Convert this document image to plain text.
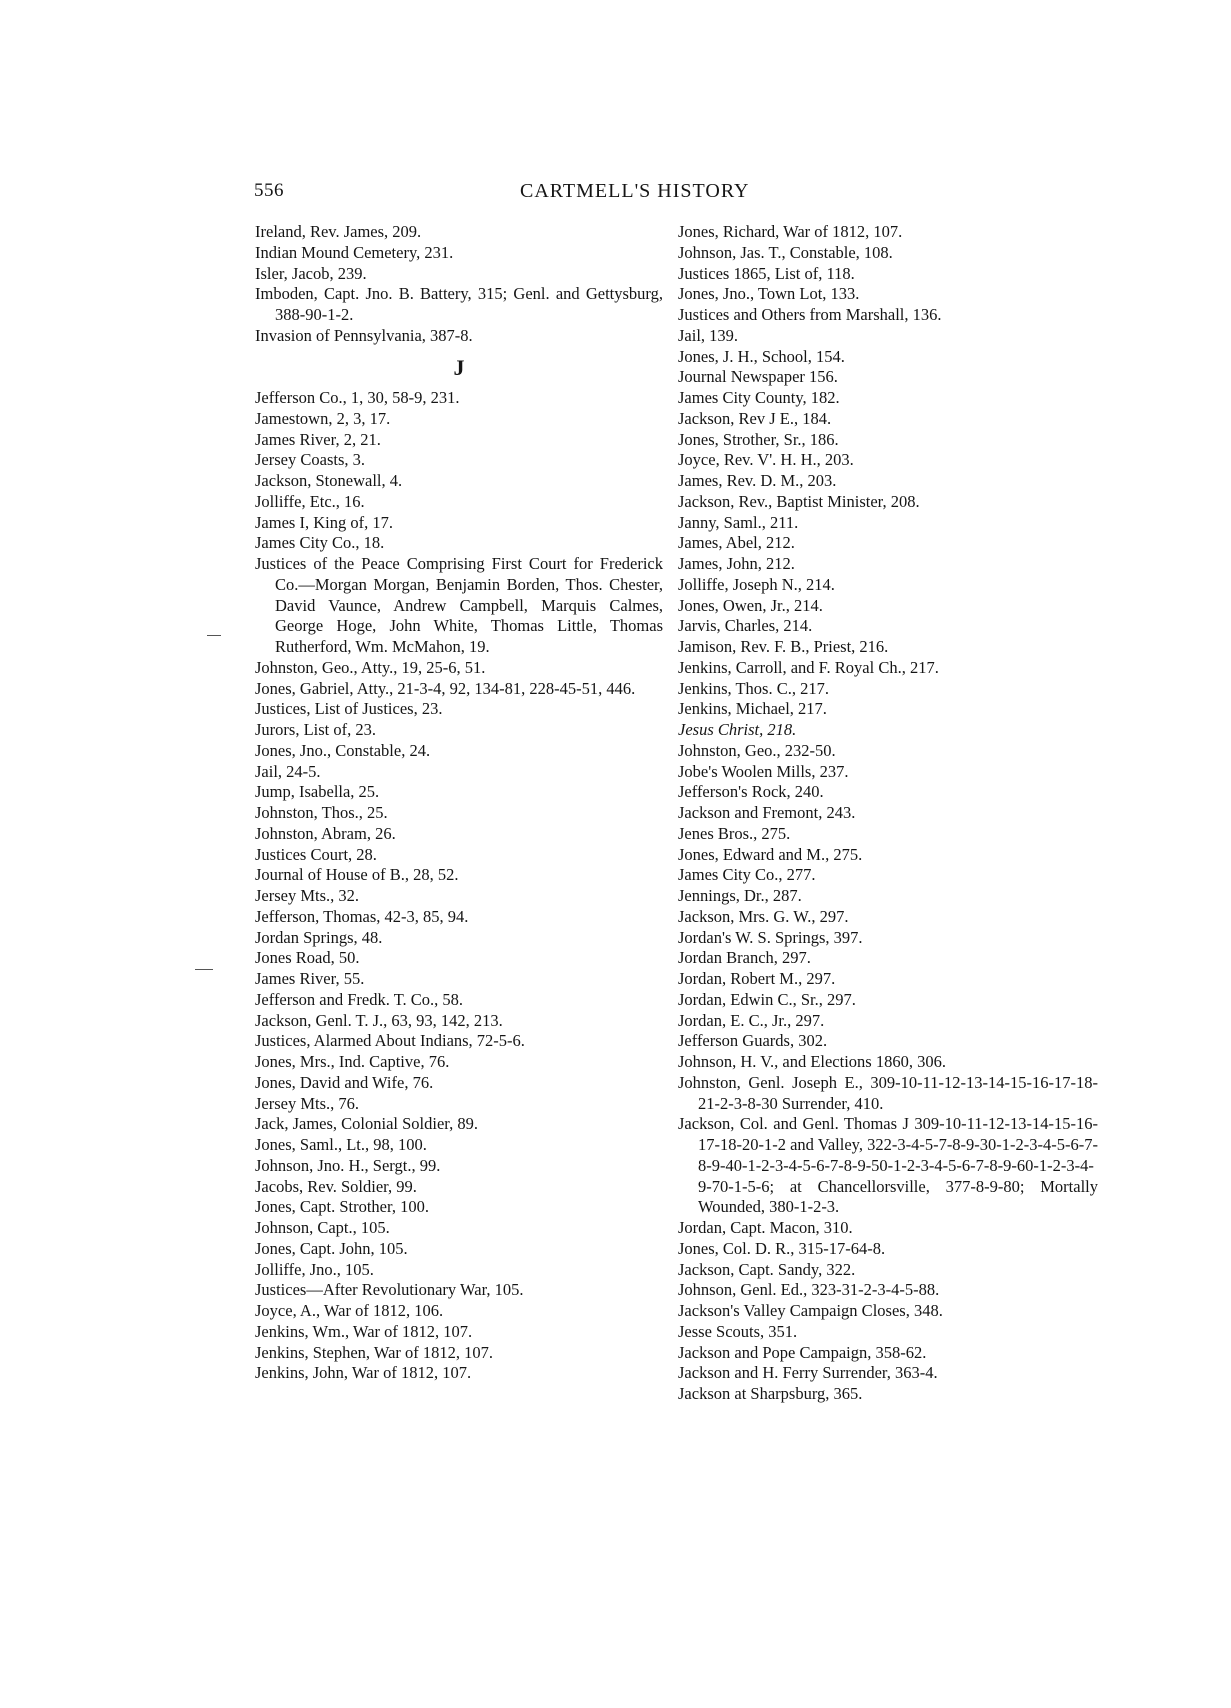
556	CARTMELL'S HISTORY

Ireland, Rev. James, 209.

Indian Mound Cemetery, 231.

Isler, Jacob, 239.

Imboden, Capt. Jno. B. Battery, 315; Genl. and Gettysburg, 388-90-1-2.

Invasion of Pennsylvania, 387-8.

J

Jefferson Co., 1, 30, 58-9, 231.

Jamestown, 2, 3, 17.

James River, 2, 21.

Jersey Coasts, 3.

Jackson, Stonewall, 4.

Jolliffe, Etc., 16.

James I, King of, 17.

James City Co., 18.

Justices of the Peace Comprising First Court for Frederick Co.—Morgan Morgan, Benjamin Borden, Thos. Chester, David Vaunce, Andrew Campbell, Marquis Calmes, George Hoge, John White, Thomas Little, Thomas Rutherford, Wm. McMahon, 19.

Johnston, Geo., Atty., 19, 25-6, 51.

Jones, Gabriel, Atty., 21-3-4, 92, 134-81, 228-45-51, 446.

Justices, List of Justices, 23.

Jurors, List of, 23.

Jones, Jno., Constable, 24.

Jail, 24-5.

Jump, Isabella, 25.

Johnston, Thos., 25.

Johnston, Abram, 26.

Justices Court, 28.

Journal of House of B., 28, 52.

Jersey Mts., 32.

Jefferson, Thomas, 42-3, 85, 94.

Jordan Springs, 48.

Jones Road, 50.

James River, 55.

Jefferson and Fredk. T. Co., 58.

Jackson, Genl. T. J., 63, 93, 142, 213.

Justices, Alarmed About Indians, 72-5-6.

Jones, Mrs., Ind. Captive, 76.

Jones, David and Wife, 76.

Jersey Mts., 76.

Jack, James, Colonial Soldier, 89.

Jones, Saml., Lt., 98, 100.

Johnson, Jno. H., Sergt., 99.

Jacobs, Rev. Soldier, 99.

Jones, Capt. Strother, 100.

Johnson, Capt., 105.

Jones, Capt. John, 105.

Jolliffe, Jno., 105.

Justices—After Revolutionary War, 105.

Joyce, A., War of 1812, 106.

Jenkins, Wm., War of 1812, 107.

Jenkins, Stephen, War of 1812, 107.

Jenkins, John, War of 1812, 107.

Jones, Richard, War of 1812, 107.

Johnson, Jas. T., Constable, 108.

Justices 1865, List of, 118.

Jones, Jno., Town Lot, 133.

Justices and Others from Marshall, 136.

Jail, 139.

Jones, J. H., School, 154.

Journal Newspaper 156.

James City County, 182.

Jackson, Rev J E., 184.

Jones, Strother, Sr., 186.

Joyce, Rev. V'. H. H., 203.

James, Rev. D. M., 203.

Jackson, Rev., Baptist Minister, 208.

Janny, Saml., 211.

James, Abel, 212.

James, John, 212.

Jolliffe, Joseph N., 214.

Jones, Owen, Jr., 214.

Jarvis, Charles, 214.

Jamison, Rev. F. B., Priest, 216.

Jenkins, Carroll, and F. Royal Ch., 217.

Jenkins, Thos. C., 217.

Jenkins, Michael, 217.

Jesus Christ, 218.

Johnston, Geo., 232-50.

Jobe's Woolen Mills, 237.

Jefferson's Rock, 240.

Jackson and Fremont, 243.

Jenes Bros., 275.

Jones, Edward and M., 275.

James City Co., 277.

Jennings, Dr., 287.

Jackson, Mrs. G. W., 297.

Jordan's W. S. Springs, 397.

Jordan Branch, 297.

Jordan, Robert M., 297.

Jordan, Edwin C., Sr., 297.

Jordan, E. C., Jr., 297.

Jefferson Guards, 302.

Johnson, H. V., and Elections 1860, 306.

Johnston, Genl. Joseph E., 309-10-11-12-13-14-15-16-17-18-21-2-3-8-30 Surrender, 410.

Jackson, Col. and Genl. Thomas J 309-10-11-12-13-14-15-16-17-18-20-1-2 and Valley, 322-3-4-5-7-8-9-30-1-2-3-4-5-6-7-8-9-40-1-2-3-4-5-6-7-8-9-50-1-2-3-4-5-6-7-8-9-60-1-2-3-4-9-70-1-5-6; at Chancellorsville, 377-8-9-80; Mortally Wounded, 380-1-2-3.

Jordan, Capt. Macon, 310.

Jones, Col. D. R., 315-17-64-8.

Jackson, Capt. Sandy, 322.

Johnson, Genl. Ed., 323-31-2-3-4-5-88.

Jackson's Valley Campaign Closes, 348.

Jesse Scouts, 351.

Jackson and Pope Campaign, 358-62.

Jackson and H. Ferry Surrender, 363-4.

Jackson at Sharpsburg, 365.
